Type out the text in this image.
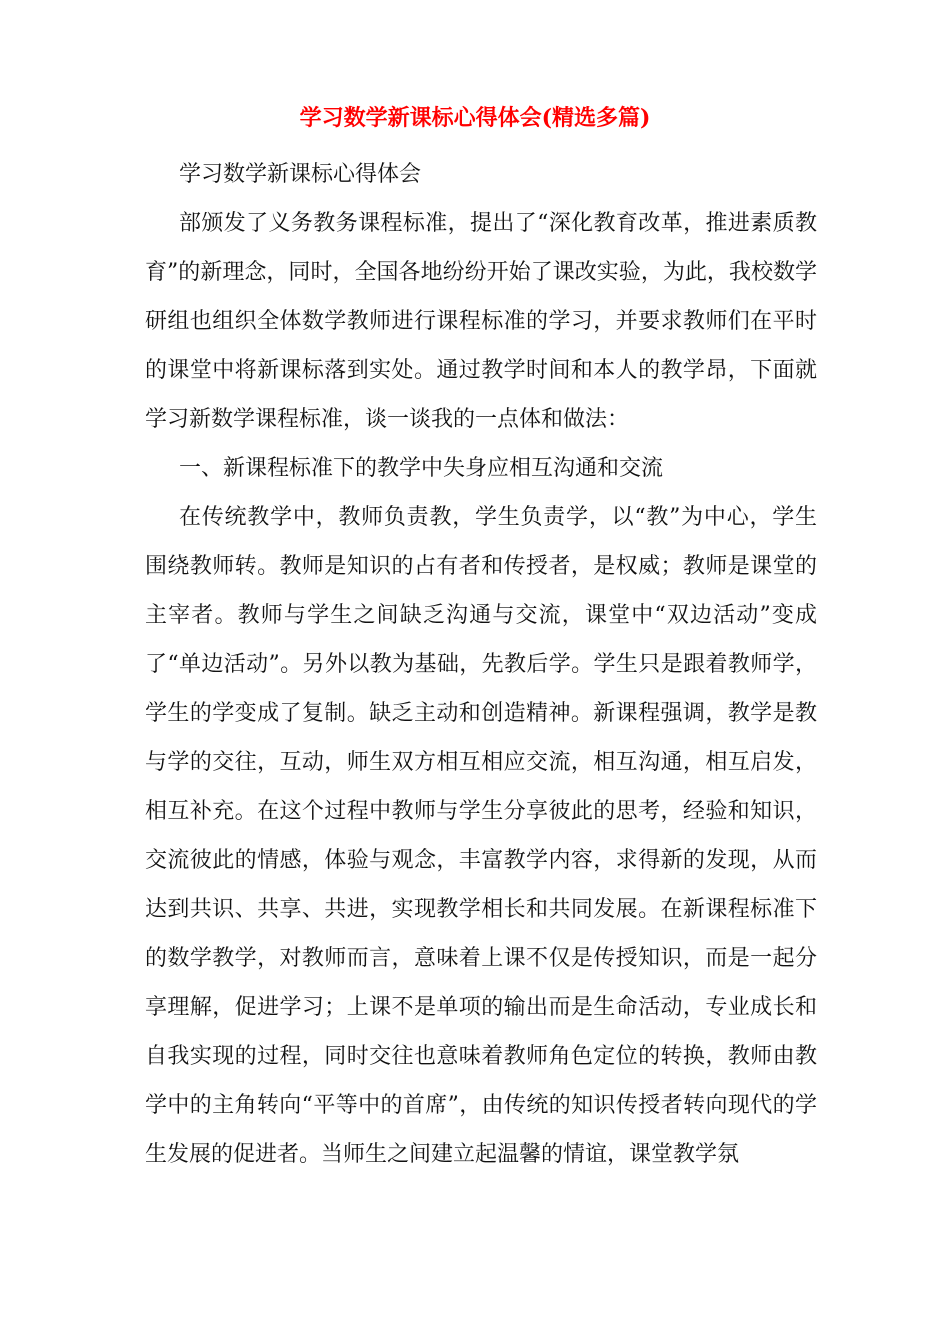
学习数学新课标心得体会(精选多篇)

学习数学新课标心得体会

部颁发了义务教务课程标准，提出了“深化教育改革，推进素质教育”的新理念，同时，全国各地纷纷开始了课改实验，为此，我校数学研组也组织全体数学教师进行课程标准的学习，并要求教师们在平时的课堂中将新课标落到实处。通过教学时间和本人的教学昂，下面就学习新数学课程标准，谈一谈我的一点体和做法：

一、新课程标准下的教学中失身应相互沟通和交流

在传统教学中，教师负责教，学生负责学，以“教”为中心，学生围绕教师转。教师是知识的占有者和传授者，是权威；教师是课堂的主宰者。教师与学生之间缺乏沟通与交流，课堂中“双边活动”变成了“单边活动”。另外以教为基础，先教后学。学生只是跟着教师学，学生的学变成了复制。缺乏主动和创造精神。新课程强调，教学是教与学的交往，互动，师生双方相互相应交流，相互沟通，相互启发，相互补充。在这个过程中教师与学生分享彼此的思考，经验和知识，交流彼此的情感，体验与观念，丰富教学内容，求得新的发现，从而达到共识、共享、共进，实现教学相长和共同发展。在新课程标准下的数学教学，对教师而言，意味着上课不仅是传授知识，而是一起分享理解，促进学习；上课不是单项的输出而是生命活动，专业成长和自我实现的过程，同时交往也意味着教师角色定位的转换，教师由教学中的主角转向“平等中的首席”，由传统的知识传授者转向现代的学生发展的促进者。当师生之间建立起温馨的情谊，课堂教学氛
